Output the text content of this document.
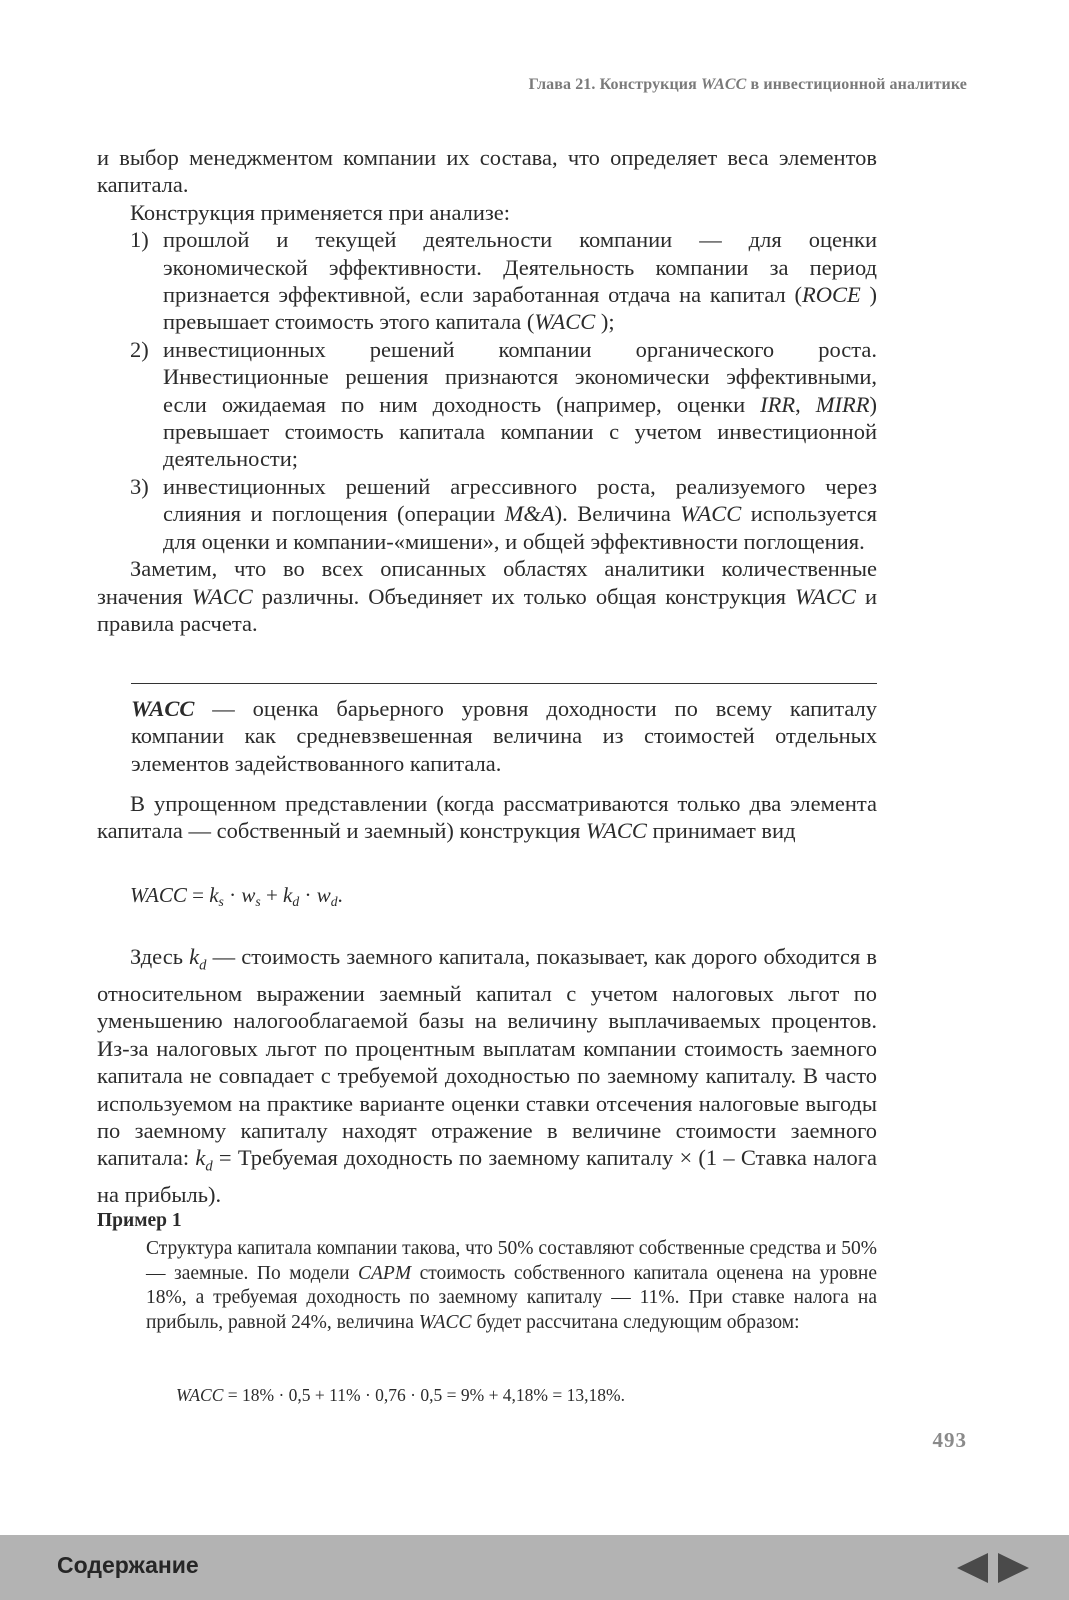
Глава 21. Конструкция WACC в инвестиционной аналитике

и выбор менеджментом компании их состава, что определяет веса элементов капитала.

Конструкция применяется при анализе:

1) прошлой и текущей деятельности компании — для оценки экономической эффективности. Деятельность компании за период признается эффективной, если заработанная отдача на капитал (ROCE ) превышает стоимость этого капитала (WACC );

2) инвестиционных решений компании органического роста. Инвестиционные решения признаются экономически эффективными, если ожидаемая по ним доходность (например, оценки IRR, MIRR) превышает стоимость капитала компании с учетом инвестиционной деятельности;

3) инвестиционных решений агрессивного роста, реализуемого через слияния и поглощения (операции M&A). Величина WACC используется для оценки и компании-«мишени», и общей эффективности поглощения.

Заметим, что во всех описанных областях аналитики количественные значения WACC различны. Объединяет их только общая конструкция WACC и правила расчета.

WACC — оценка барьерного уровня доходности по всему капиталу компании как средневзвешенная величина из стоимостей отдельных элементов задействованного капитала.

В упрощенном представлении (когда рассматриваются только два элемента капитала — собственный и заемный) конструкция WACC принимает вид

WACC = $k_s \cdot w_s + k_d \cdot w_d$.

Здесь $k_d$ — стоимость заемного капитала, показывает, как дорого обходится в относительном выражении заемный капитал с учетом налоговых льгот по уменьшению налогооблагаемой базы на величину выплачиваемых процентов. Из-за налоговых льгот по процентным выплатам компании стоимость заемного капитала не совпадает с требуемой доходностью по заемному капиталу. В часто используемом на практике варианте оценки ставки отсечения налоговые выгоды по заемному капиталу находят отражение в величине стоимости заемного капитала: $k_d$ = Требуемая доходность по заемному капиталу × (1 – Ставка налога на прибыль).

Пример 1
Структура капитала компании такова, что 50% составляют собственные средства и 50% — заемные. По модели CAPM стоимость собственного капитала оценена на уровне 18%, а требуемая доходность по заемному капиталу — 11%. При ставке налога на прибыль, равной 24%, величина WACC будет рассчитана следующим образом:
WACC = 18% · 0,5 + 11% · 0,76 · 0,5 = 9% + 4,18% = 13,18%.
493
Содержание
